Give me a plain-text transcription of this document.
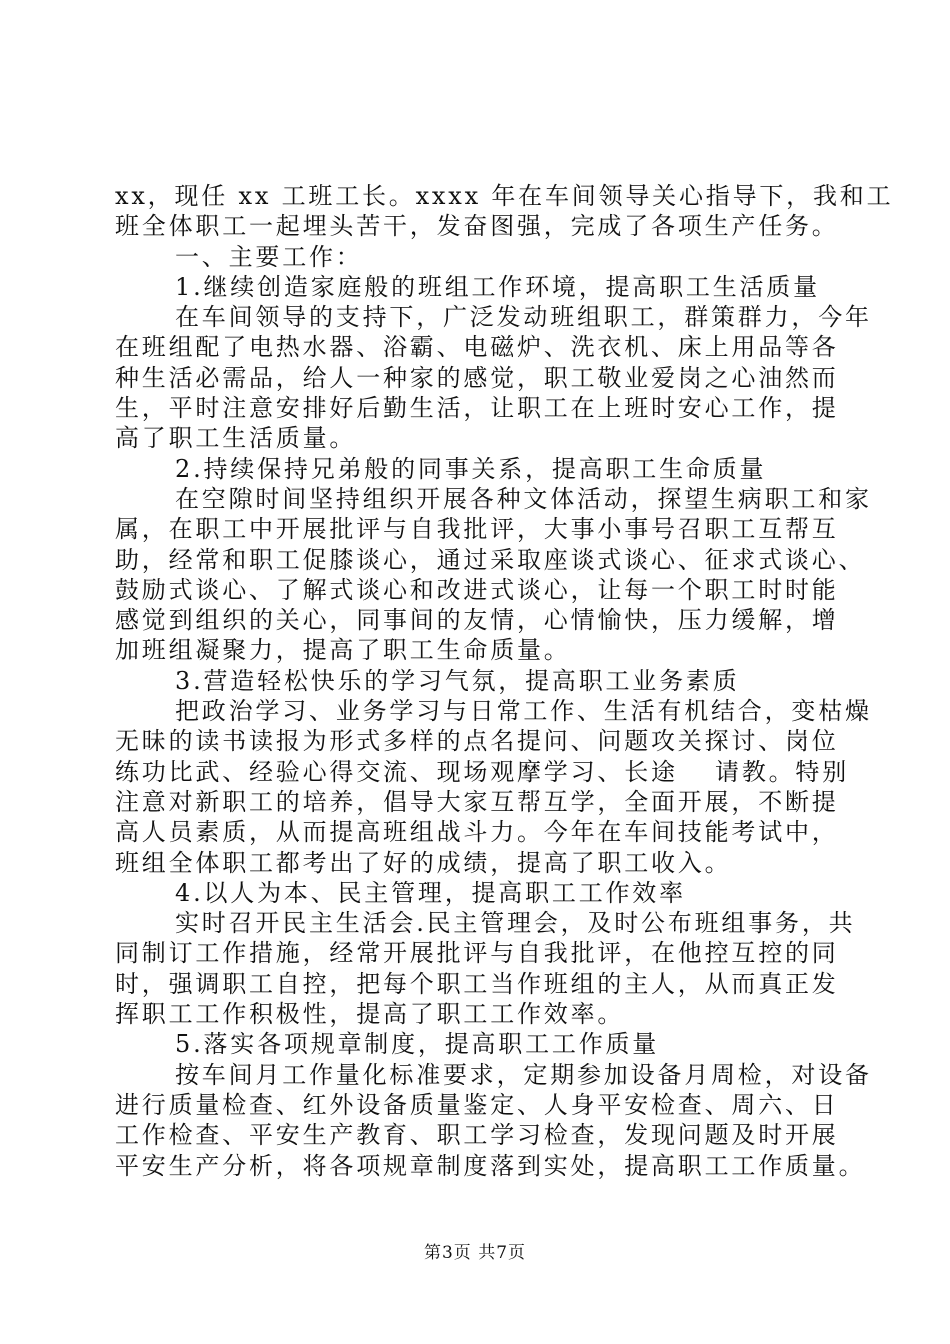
xx，现任 xx 工班工长。xxxx 年在车间领导关心指导下，我和工
班全体职工一起埋头苦干，发奋图强，完成了各项生产任务。
一、主要工作：
1.继续创造家庭般的班组工作环境，提高职工生活质量
在车间领导的支持下，广泛发动班组职工，群策群力，今年
在班组配了电热水器、浴霸、电磁炉、洗衣机、床上用品等各
种生活必需品，给人一种家的感觉，职工敬业爱岗之心油然而
生，平时注意安排好后勤生活，让职工在上班时安心工作，提
高了职工生活质量。
2.持续保持兄弟般的同事关系，提高职工生命质量
在空隙时间坚持组织开展各种文体活动，探望生病职工和家
属，在职工中开展批评与自我批评，大事小事号召职工互帮互
助，经常和职工促膝谈心，通过采取座谈式谈心、征求式谈心、
鼓励式谈心、了解式谈心和改进式谈心，让每一个职工时时能
感觉到组织的关心，同事间的友情，心情愉快，压力缓解，增
加班组凝聚力，提高了职工生命质量。
3.营造轻松快乐的学习气氛，提高职工业务素质
把政治学习、业务学习与日常工作、生活有机结合，变枯燥
无昧的读书读报为形式多样的点名提问、问题攻关探讨、岗位
练功比武、经验心得交流、现场观摩学习、长途　 请教。特别
注意对新职工的培养，倡导大家互帮互学，全面开展，不断提
高人员素质，从而提高班组战斗力。今年在车间技能考试中，
班组全体职工都考出了好的成绩，提高了职工收入。
4.以人为本、民主管理，提高职工工作效率
实时召开民主生活会.民主管理会，及时公布班组事务，共
同制订工作措施，经常开展批评与自我批评，在他控互控的同
时，强调职工自控，把每个职工当作班组的主人，从而真正发
挥职工工作积极性，提高了职工工作效率。
5.落实各项规章制度，提高职工工作质量
按车间月工作量化标准要求，定期参加设备月周检，对设备
进行质量检查、红外设备质量鉴定、人身平安检查、周六、日
工作检查、平安生产教育、职工学习检查，发现问题及时开展
平安生产分析，将各项规章制度落到实处，提高职工工作质量。
第3页 共7页
